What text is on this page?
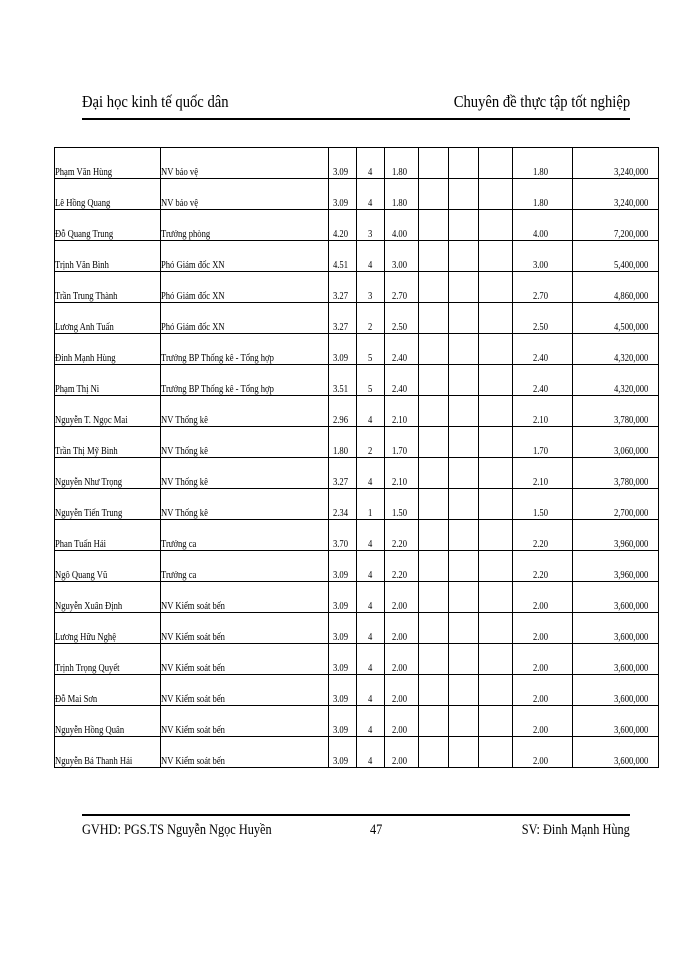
Đại học kinh tế quốc dân	Chuyên đề thực tập tốt nghiệp
Phạm Văn Hùng	NV bảo vệ	3.09	4	1.80				1.80	3,240,000
Lê Hồng Quang	NV bảo vệ	3.09	4	1.80				1.80	3,240,000
Đỗ Quang Trung	Trưởng phòng	4.20	3	4.00				4.00	7,200,000
Trịnh Văn Bình	Phó Giám đốc XN	4.51	4	3.00				3.00	5,400,000
Trần Trung Thành	Phó Giám đốc XN	3.27	3	2.70				2.70	4,860,000
Lương Anh Tuấn	Phó Giám đốc XN	3.27	2	2.50				2.50	4,500,000
Đinh Mạnh Hùng	Trưởng BP Thống kê - Tổng hợp	3.09	5	2.40				2.40	4,320,000
Phạm Thị Ni	Trưởng BP Thống kê - Tổng hợp	3.51	5	2.40				2.40	4,320,000
Nguyễn T. Ngọc Mai	NV Thống kê	2.96	4	2.10				2.10	3,780,000
Trần Thị Mỹ Bình	NV Thống kê	1.80	2	1.70				1.70	3,060,000
Nguyễn Như Trọng	NV Thống kê	3.27	4	2.10				2.10	3,780,000
Nguyễn Tiến Trung	NV Thống kê	2.34	1	1.50				1.50	2,700,000
Phan Tuấn Hải	Trưởng ca	3.70	4	2.20				2.20	3,960,000
Ngô Quang Vũ	Trưởng ca	3.09	4	2.20				2.20	3,960,000
Nguyễn Xuân Định	NV Kiểm soát bến	3.09	4	2.00				2.00	3,600,000
Lương Hữu Nghệ	NV Kiểm soát bến	3.09	4	2.00				2.00	3,600,000
Trịnh Trọng Quyết	NV Kiểm soát bến	3.09	4	2.00				2.00	3,600,000
Đỗ Mai Sơn	NV Kiểm soát bến	3.09	4	2.00				2.00	3,600,000
Nguyễn Hồng Quân	NV Kiểm soát bến	3.09	4	2.00				2.00	3,600,000
Nguyễn Bá Thanh Hải	NV Kiểm soát bến	3.09	4	2.00				2.00	3,600,000
GVHD: PGS.TS Nguyễn Ngọc Huyền	47	SV: Đinh Mạnh Hùng
